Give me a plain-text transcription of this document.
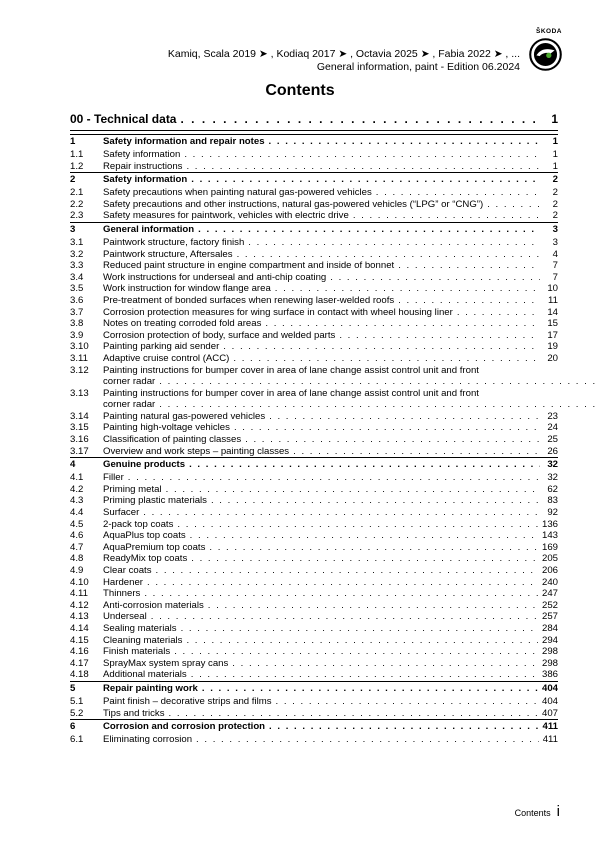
Kamiq, Scala 2019 ➤ , Kodiaq 2017 ➤ , Octavia 2025 ➤ , Fabia 2022 ➤ , ...
General information, paint - Edition 06.2024
ŠKODA
Contents
00 - Technical data . . .	1
1	Safety information and repair notes . . .	1
1.1	Safety information . . .	1
1.2	Repair instructions . . .	1
2	Safety information . . .	2
2.1	Safety precautions when painting natural gas-powered vehicles . . .	2
2.2	Safety precautions and other instructions, natural gas-powered vehicles (“LPG” or “CNG”) . . .	2
2.3	Safety measures for paintwork, vehicles with electric drive . . .	2
3	General information . . .	3
3.1	Paintwork structure, factory finish . . .	3
3.2	Paintwork structure, Aftersales . . .	4
3.3	Reduced paint structure in engine compartment and inside of bonnet . . .	7
3.4	Work instructions for underseal and anti-chip coating . . .	7
3.5	Work instruction for window flange area . . .	10
3.6	Pre-treatment of bonded surfaces when renewing laser-welded roofs . . .	11
3.7	Corrosion protection measures for wing surface in contact with wheel housing liner . . .	14
3.8	Notes on treating corroded fold areas . . .	15
3.9	Corrosion protection of body, surface and welded parts . . .	17
3.10	Painting parking aid sender . . .	19
3.11	Adaptive cruise control (ACC) . . .	20
3.12	Painting instructions for bumper cover in area of lane change assist control unit and front
corner radar
. . .
3.13	Painting instructions for bumper cover in area of lane change assist control unit and front
corner radar
. . .
3.14	Painting natural gas-powered vehicles . . .	23
3.15	Painting high-voltage vehicles . . .	24
3.16	Classification of painting classes . . .	25
3.17	Overview and work steps – painting classes . . .	26
4	Genuine products . . .	32
4.1	Filler . . .	32
4.2	Priming metal . . .	62
4.3	Priming plastic materials . . .	83
4.4	Surfacer . . .	92
4.5	2-pack top coats . . .	136
4.6	AquaPlus top coats . . .	143
4.7	AquaPremium top coats . . .	169
4.8	ReadyMix top coats . . .	205
4.9	Clear coats . . .	206
4.10	Hardener . . .	240
4.11	Thinners . . .	247
4.12	Anti-corrosion materials . . .	252
4.13	Underseal . . .	257
4.14	Sealing materials . . .	284
4.15	Cleaning materials . . .	294
4.16	Finish materials . . .	298
4.17	SprayMax system spray cans . . .	298
4.18	Additional materials . . .	386
5	Repair painting work . . .	404
5.1	Paint finish – decorative strips and films . . .	404
5.2	Tips and tricks . . .	407
6	Corrosion and corrosion protection . . .	411
6.1	Eliminating corrosion . . .	411
Contents i
